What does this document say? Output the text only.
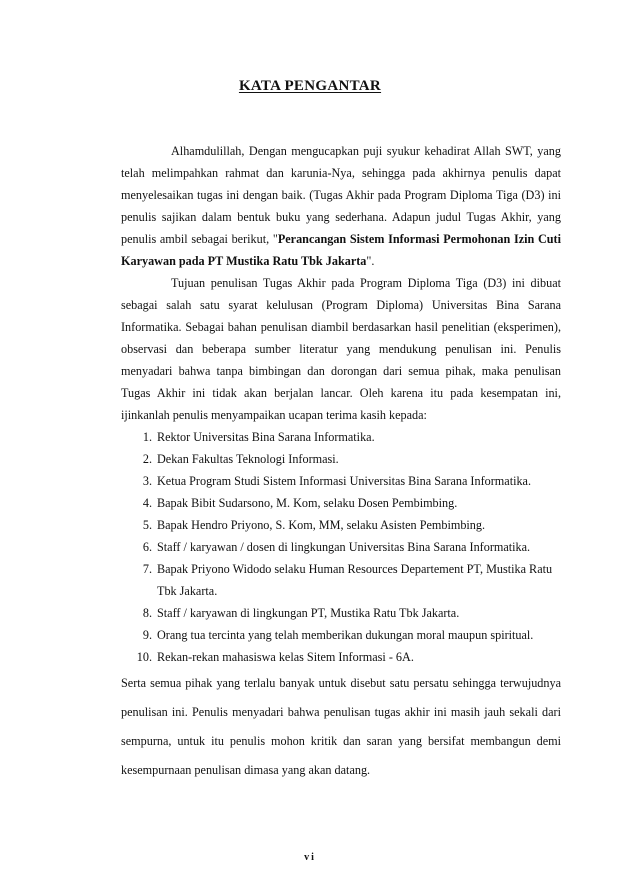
KATA PENGANTAR

Alhamdulillah, Dengan mengucapkan puji syukur kehadirat Allah SWT, yang telah melimpahkan rahmat dan karunia-Nya, sehingga pada akhirnya penulis dapat menyelesaikan tugas ini dengan baik. (Tugas Akhir pada Program Diploma Tiga (D3) ini penulis sajikan dalam bentuk buku yang sederhana. Adapun judul Tugas Akhir, yang penulis ambil sebagai berikut, "Perancangan Sistem Informasi Permohonan Izin Cuti Karyawan pada PT Mustika Ratu Tbk Jakarta".

Tujuan penulisan Tugas Akhir pada Program Diploma Tiga (D3) ini dibuat sebagai salah satu syarat kelulusan (Program Diploma) Universitas Bina Sarana Informatika. Sebagai bahan penulisan diambil berdasarkan hasil penelitian (eksperimen), observasi dan beberapa sumber literatur yang mendukung penulisan ini. Penulis menyadari bahwa tanpa bimbingan dan dorongan dari semua pihak, maka penulisan Tugas Akhir ini tidak akan berjalan lancar. Oleh karena itu pada kesempatan ini, ijinkanlah penulis menyampaikan ucapan terima kasih kepada:

1. Rektor Universitas Bina Sarana Informatika.
2. Dekan Fakultas Teknologi Informasi.
3. Ketua Program Studi Sistem Informasi Universitas Bina Sarana Informatika.
4. Bapak Bibit Sudarsono, M. Kom, selaku Dosen Pembimbing.
5. Bapak Hendro Priyono, S. Kom, MM, selaku Asisten Pembimbing.
6. Staff / karyawan / dosen di lingkungan Universitas Bina Sarana Informatika.
7. Bapak Priyono Widodo selaku Human Resources Departement PT, Mustika Ratu Tbk Jakarta.
8. Staff / karyawan di lingkungan PT, Mustika Ratu Tbk Jakarta.
9. Orang tua tercinta yang telah memberikan dukungan moral maupun spiritual.
10. Rekan-rekan mahasiswa kelas Sitem Informasi - 6A.

Serta semua pihak yang terlalu banyak untuk disebut satu persatu sehingga terwujudnya penulisan ini. Penulis menyadari bahwa penulisan tugas akhir ini masih jauh sekali dari sempurna, untuk itu penulis mohon kritik dan saran yang bersifat membangun demi kesempurnaan penulisan dimasa yang akan datang.

vi
